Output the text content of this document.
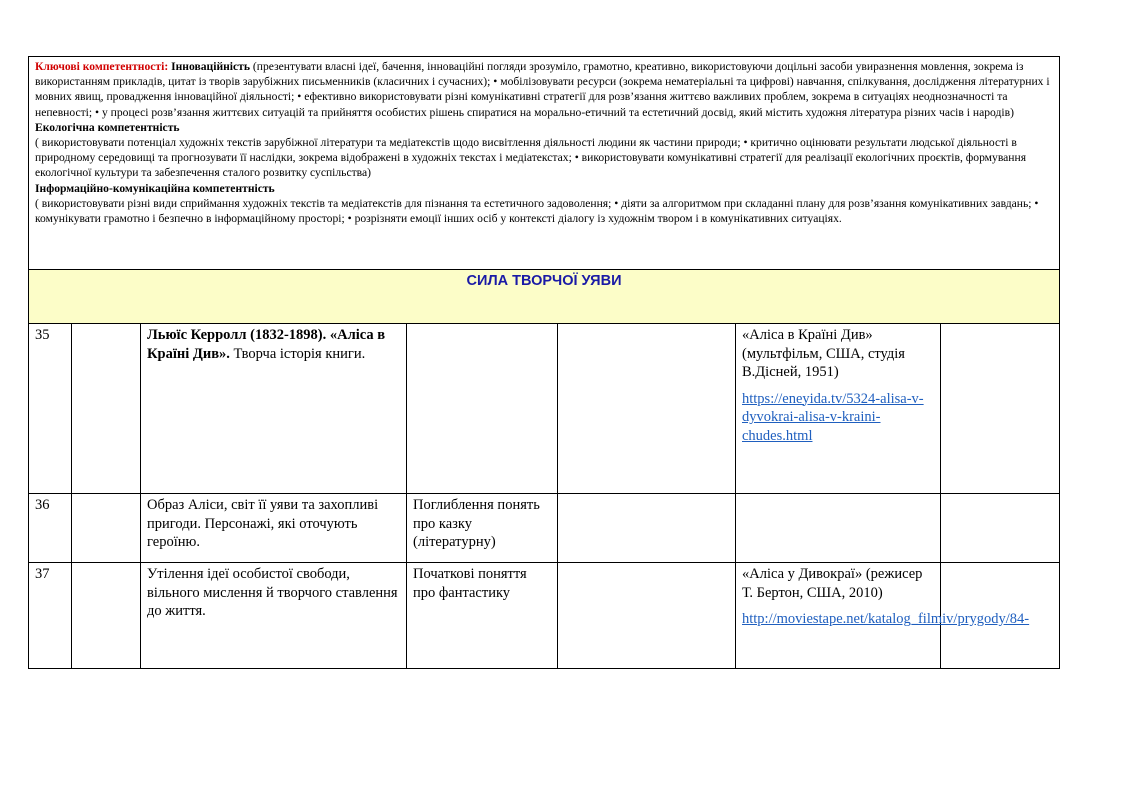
Ключові компетентності: Інноваційність (презентувати власні ідеї, бачення, інноваційні погляди зрозуміло, грамотно, креативно, використовуючи доцільні засоби увиразнення мовлення, зокрема із використанням прикладів, цитат із творів зарубіжних письменників (класичних і сучасних); • мобілізовувати ресурси (зокрема нематеріальні та цифрові) навчання, спілкування, дослідження літературних і мовних явищ, провадження інноваційної діяльності; • ефективно використовувати різні комунікативні стратегії для розв’язання життєво важливих проблем, зокрема в ситуаціях неоднозначності та непевності; • у процесі розв’язання життєвих ситуацій та прийняття особистих рішень спиратися на морально-етичний та естетичний досвід, який містить художня література різних часів і народів)
Екологічна компетентність
( використовувати потенціал художніх текстів зарубіжної літератури та медіатекстів щодо висвітлення діяльності людини як частини природи; • критично оцінювати результати людської діяльності в природному середовищі та прогнозувати її наслідки, зокрема відображені в художніх текстах і медіатекстах; • використовувати комунікативні стратегії для реалізації екологічних проєктів, формування екологічної культури та забезпечення сталого розвитку суспільства)
Інформаційно-комунікаційна компетентність
( використовувати різні види сприймання художніх текстів та медіатекстів для пізнання та естетичного задоволення; • діяти за алгоритмом при складанні плану для розв’язання комунікативних завдань; • комунікувати грамотно і безпечно в інформаційному просторі; • розрізняти емоції інших осіб у контексті діалогу із художнім твором і в комунікативних ситуаціях.						

СИЛА ТВОРЧОЇ УЯВИ						

35		Льюїс Керролл (1832-1898). «Аліса в Країні Див». Творча історія книги.			«Аліса в Країні Див» (мультфільм, США, студія В.Дісней, 1951)
https://eneyida.tv/5324-alisa-v-dyvokrai-alisa-v-kraini-chudes.html	

36		Образ Аліси, світ її уяви та захопливі пригоди. Персонажі, які оточують героїню.	Поглиблення понять про казку (літературну)			
37		Утілення ідеї особистої свободи, вільного мислення й творчого ставлення до життя.	Початкові поняття про фантастику		«Аліса у Дивокраї» (режисер Т. Бертон, США, 2010)
http://moviestape.net/katalog_filmiv/prygody/84-	
